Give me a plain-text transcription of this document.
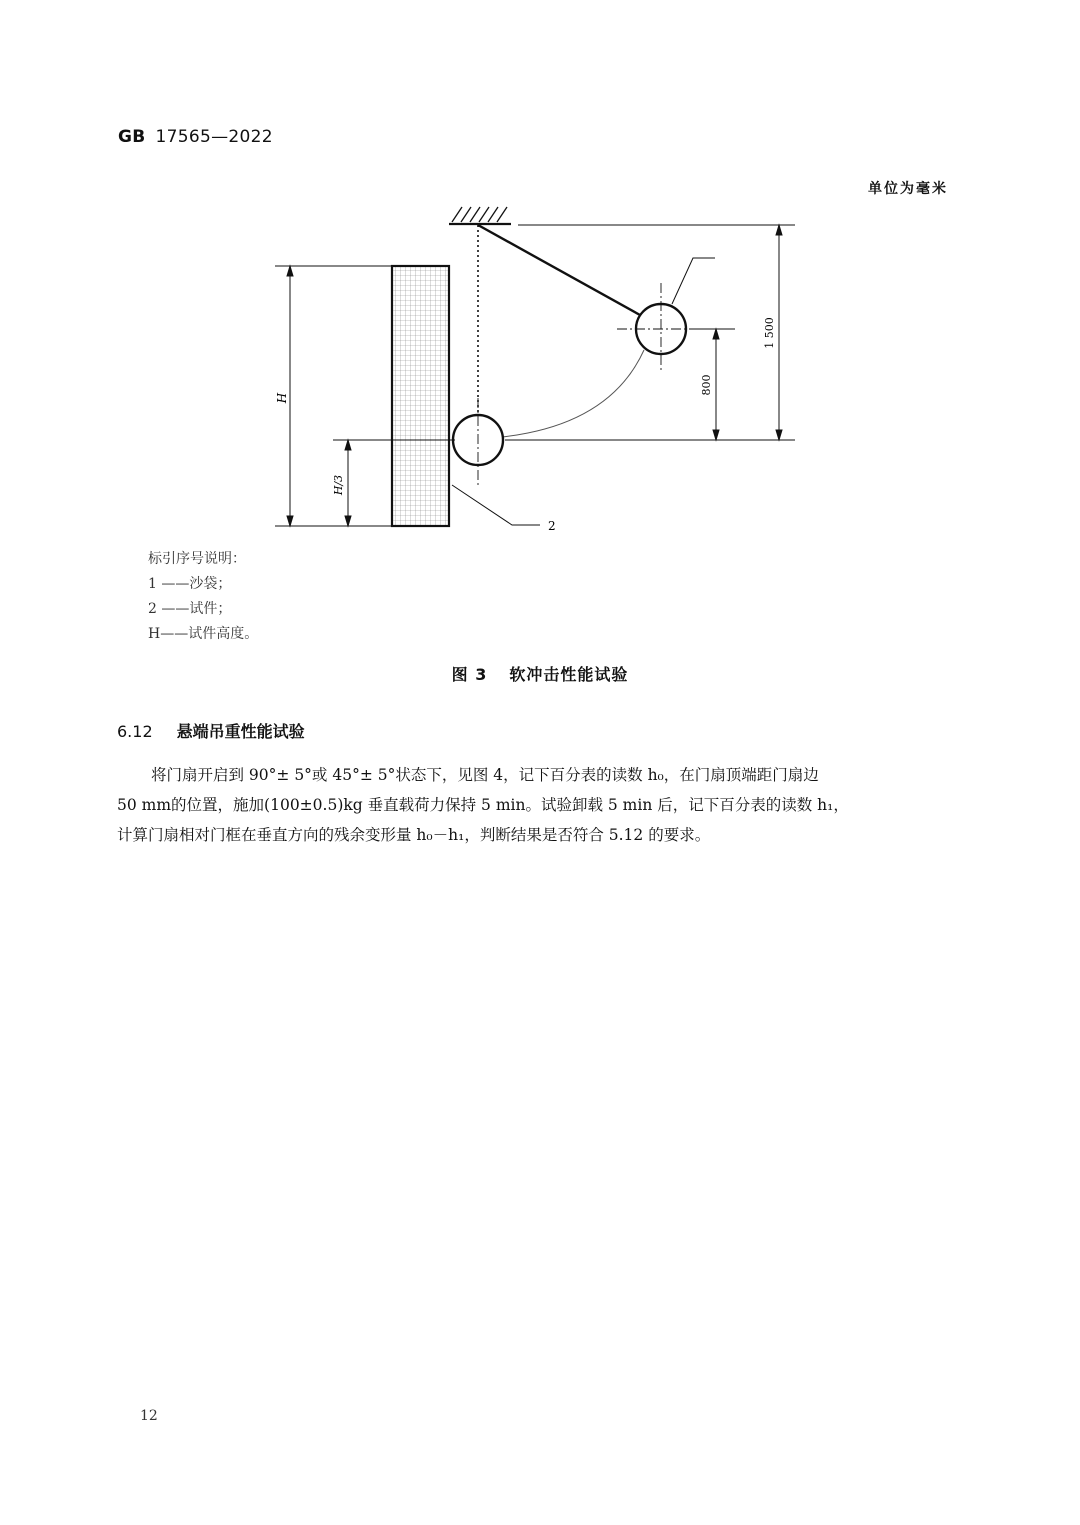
GB 17565—2022
单位为毫米
H
H/3
800
1 500
2
标引序号说明：
1 ——沙袋；
2 ——试件；
H——试件高度。
图 3 软冲击性能试验
6.12 悬端吊重性能试验
将门扇开启到 90°± 5°或 45°± 5°状态下，见图 4，记下百分表的读数 h₀，在门扇顶端距门扇边
50 mm的位置，施加(100±0.5)kg 垂直载荷力保持 5 min。试验卸载 5 min 后，记下百分表的读数 h₁，
计算门扇相对门框在垂直方向的残余变形量 h₀－h₁，判断结果是否符合 5.12 的要求。
12
